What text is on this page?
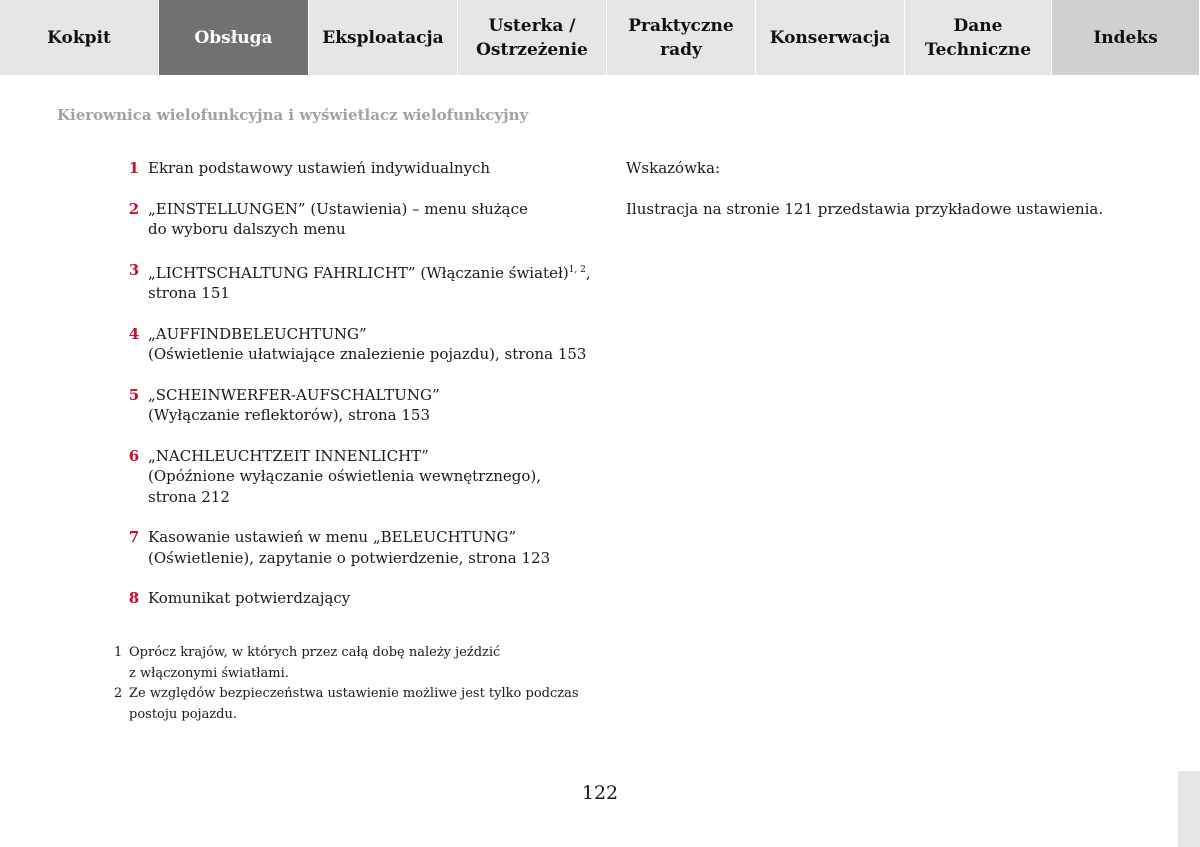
Kokpit	Obsługa	Eksploatacja
Usterka /
Ostrzeżenie
Praktyczne
rady
Konserwacja
Dane
Techniczne
Indeks
Kierownica wielofunkcyjna i wyświetlacz wielofunkcyjny
1 Ekran podstawowy ustawień indywidualnych
2 „EINSTELLUNGEN” (Ustawienia) – menu służące
do wyboru dalszych menu
3 „LICHTSCHALTUNG FAHRLICHT” (Włączanie świateł)$^{1, 2}$,
strona 151
4 „AUFFINDBELEUCHTUNG”
(Oświetlenie ułatwiające znalezienie pojazdu), strona 153
5 „SCHEINWERFER-AUFSCHALTUNG”
(Wyłączanie reflektorów), strona 153
6 „NACHLEUCHTZEIT INNENLICHT”
(Opóźnione wyłączanie oświetlenia wewnętrznego),
strona 212
7 Kasowanie ustawień w menu „BELEUCHTUNG”
(Oświetlenie), zapytanie o potwierdzenie, strona 123
8 Komunikat potwierdzający
Wskazówka:
Ilustracja na stronie 121 przedstawia przykładowe ustawienia.
1 Oprócz krajów, w których przez całą dobę należy jeździć
z włączonymi światłami.
2 Ze względów bezpieczeństwa ustawienie możliwe jest tylko podczas
postoju pojazdu.
122
